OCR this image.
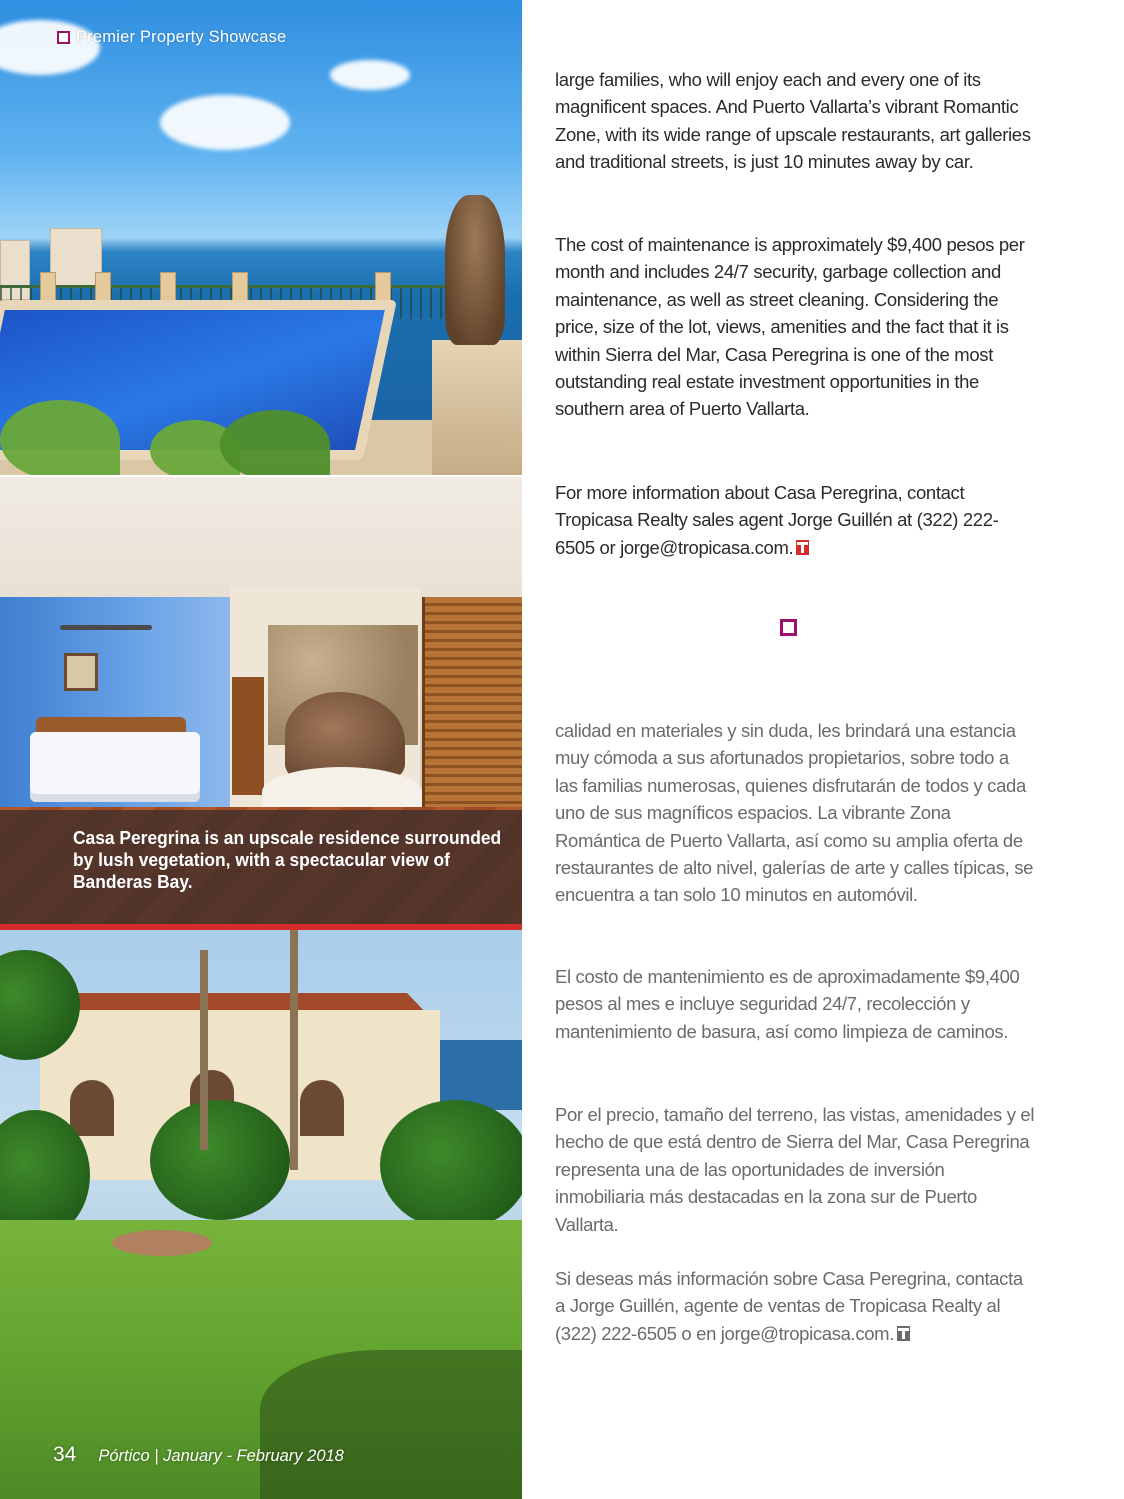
Premier Property Showcase

Casa Peregrina is an upscale residence surrounded by lush vegetation, with a spectacular view of Banderas Bay.

34 Pórtico | January - February 2018

large families, who will enjoy each and every one of its magnificent spaces. And Puerto Vallarta’s vibrant Romantic Zone, with its wide range of upscale restaurants, art galleries and traditional streets, is just 10 minutes away by car.

The cost of maintenance is approximately $9,400 pesos per month and includes 24/7 security, garbage collection and maintenance, as well as street cleaning. Considering the price, size of the lot, views, amenities and the fact that it is within Sierra del Mar, Casa Peregrina is one of the most outstanding real estate investment opportunities in the southern area of Puerto Vallarta.

For more information about Casa Peregrina, contact Tropicasa Realty sales agent Jorge Guillén at (322) 222-6505 or jorge@tropicasa.com.

calidad en materiales y sin duda, les brindará una estancia muy cómoda a sus afortunados propietarios, sobre todo a las familias numerosas, quienes disfrutarán de todos y cada uno de sus magníficos espacios. La vibrante Zona Romántica de Puerto Vallarta, así como su amplia oferta de restaurantes de alto nivel, galerías de arte y calles típicas, se encuentra a tan solo 10 minutos en automóvil.

El costo de mantenimiento es de aproximadamente $9,400 pesos al mes e incluye seguridad 24/7, recolección y mantenimiento de basura, así como limpieza de caminos.

Por el precio, tamaño del terreno, las vistas, amenidades y el hecho de que está dentro de Sierra del Mar, Casa Peregrina representa una de las oportunidades de inversión inmobiliaria más destacadas en la zona sur de Puerto Vallarta.

Si deseas más información sobre Casa Peregrina, contacta a Jorge Guillén, agente de ventas de Tropicasa Realty al (322) 222-6505 o en jorge@tropicasa.com.
